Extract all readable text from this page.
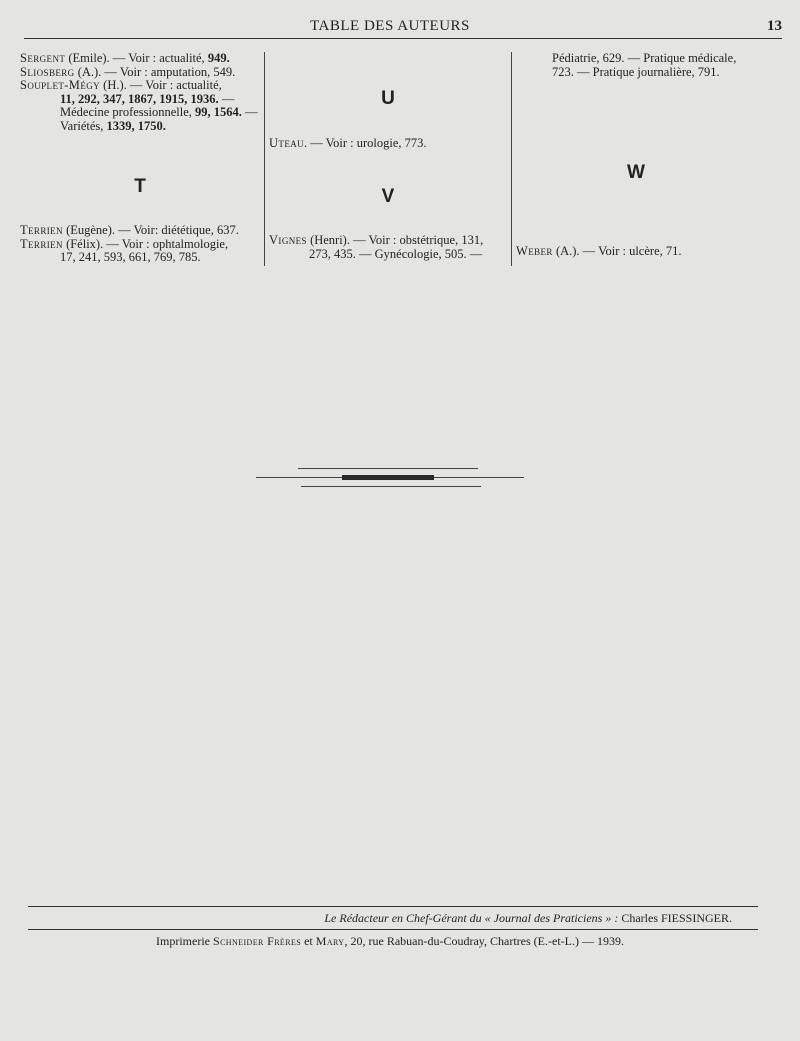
TABLE DES AUTEURS	13

Sergent (Emile). — Voir : actualité, 949.

Sliosberg (A.). — Voir : amputation, 549.

Souplet-Mégy (H.). — Voir : actualité,

11, 292, 347, 1867, 1915, 1936. —

Médecine professionnelle, 99, 1564. —

Variétés, 1339, 1750.

T

Terrien (Eugène). — Voir: diététique, 637.

Terrien (Félix). — Voir : ophtalmologie,

17, 241, 593, 661, 769, 785.

U

Uteau. — Voir : urologie, 773.

V

Vignes (Henri). — Voir : obstétrique, 131,

273, 435. — Gynécologie, 505. —

Pédiatrie, 629. — Pratique médicale,

723. — Pratique journalière, 791.

W

Weber (A.). — Voir : ulcère, 71.

Le Rédacteur en Chef-Gérant du « Journal des Praticiens » : Charles FIESSINGER.
Imprimerie Schneider Frères et Mary, 20, rue Rabuan-du-Coudray, Chartres (E.-et-L.) — 1939.
